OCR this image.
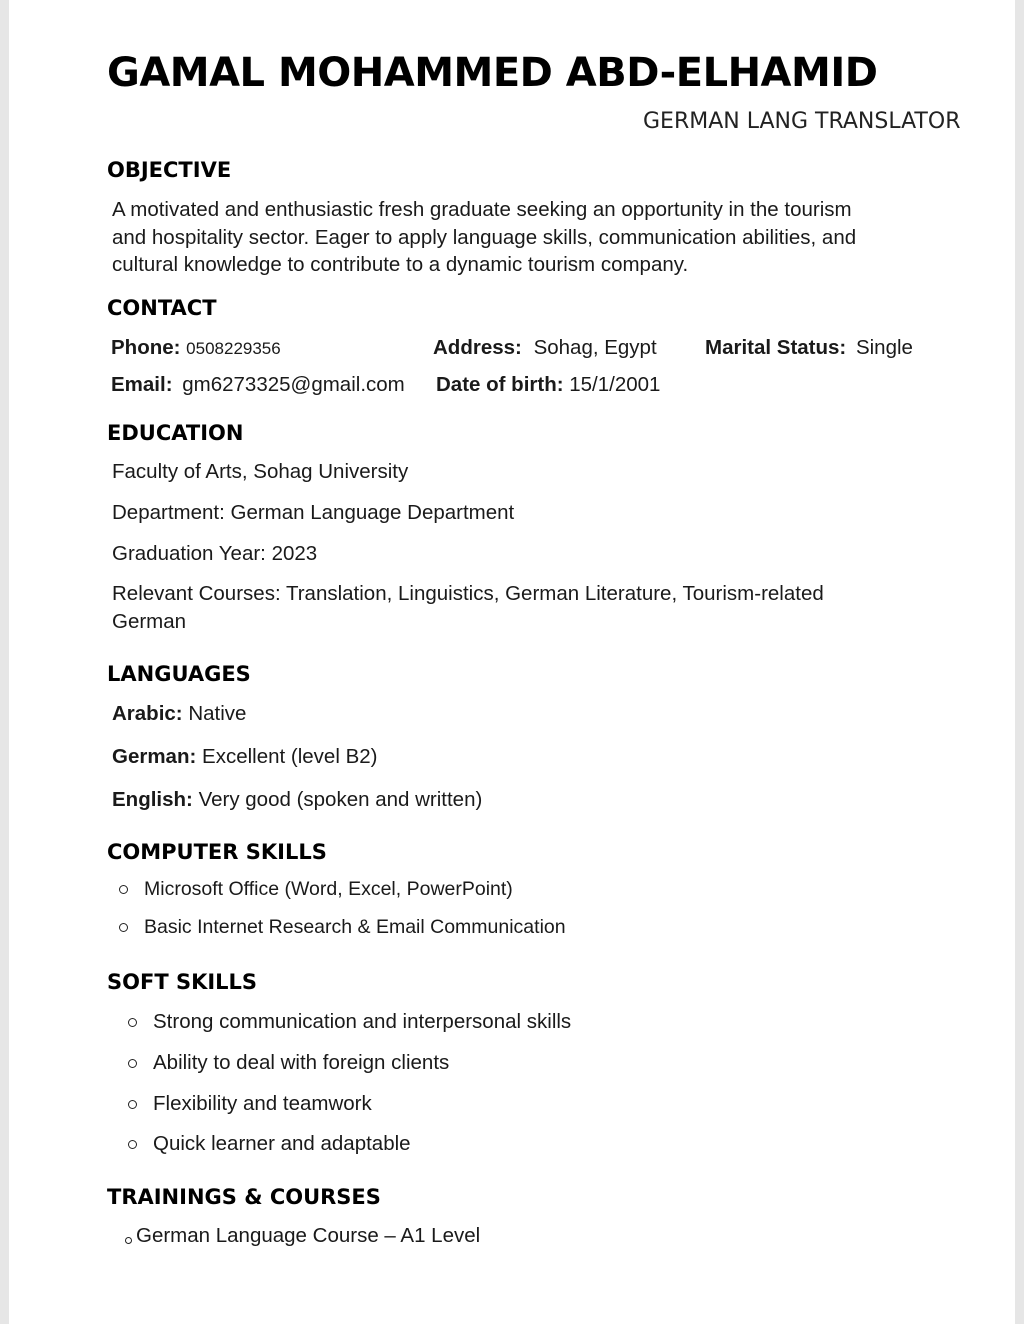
GAMAL MOHAMMED ABD-ELHAMID
GERMAN LANG TRANSLATOR
OBJECTIVE
A motivated and enthusiastic fresh graduate seeking an opportunity in the tourism
and hospitality sector. Eager to apply language skills, communication abilities, and
cultural knowledge to contribute to a dynamic tourism company.
CONTACT
Phone: 0508229356	Address: Sohag, Egypt Marital Status: Single
Email: gm6273325@gmail.com Date of birth: 15/1/2001
EDUCATION
Faculty of Arts, Sohag University
Department: German Language Department
Graduation Year: 2023
Relevant Courses: Translation, Linguistics, German Literature, Tourism-related
German
LANGUAGES
Arabic: Native
German: Excellent (level B2)
English: Very good (spoken and written)
COMPUTER SKILLS
Microsoft Office (Word, Excel, PowerPoint)
Basic Internet Research & Email Communication
SOFT SKILLS
Strong communication and interpersonal skills
Ability to deal with foreign clients
Flexibility and teamwork
Quick learner and adaptable
TRAININGS & COURSES
German Language Course – A1 Level
